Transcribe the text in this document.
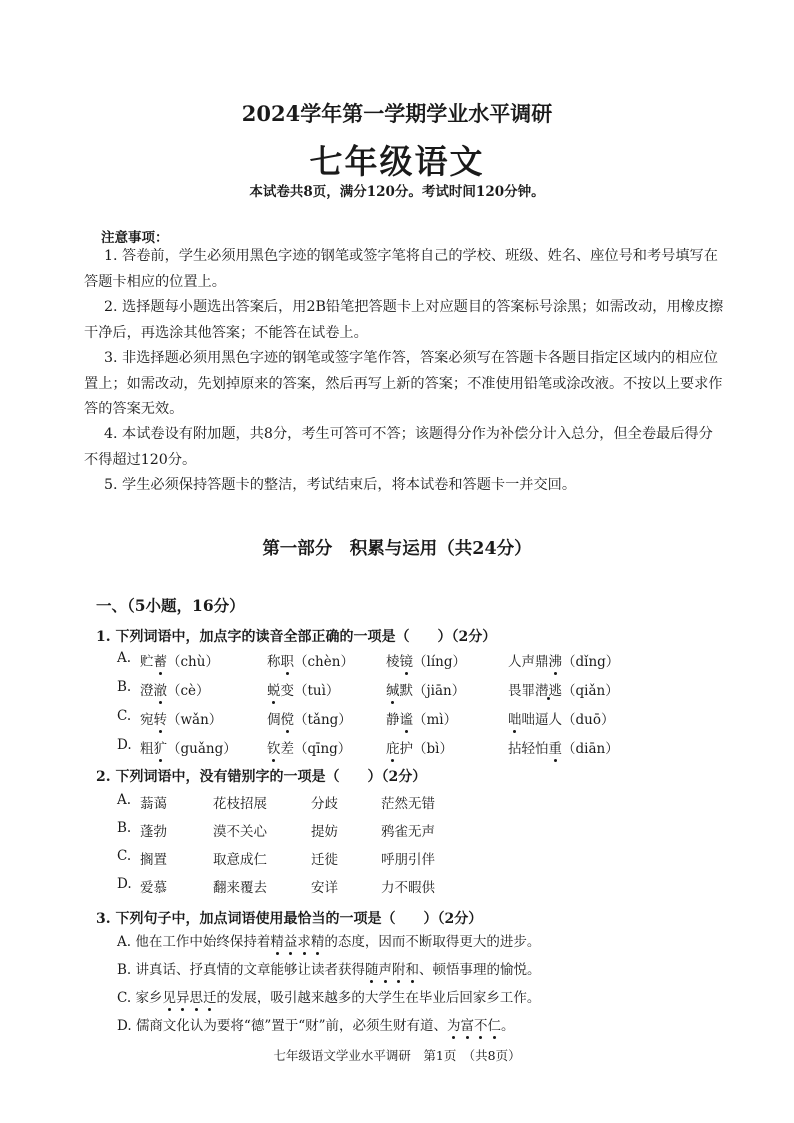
2024学年第一学期学业水平调研
七年级语文
本试卷共8页，满分120分。考试时间120分钟。
注意事项：
1. 答卷前，学生必须用黑色字迹的钢笔或签字笔将自己的学校、班级、姓名、座位号和考号填写在答题卡相应的位置上。
2. 选择题每小题选出答案后，用2B铅笔把答题卡上对应题目的答案标号涂黑；如需改动，用橡皮擦干净后，再选涂其他答案；不能答在试卷上。
3. 非选择题必须用黑色字迹的钢笔或签字笔作答，答案必须写在答题卡各题目指定区域内的相应位置上；如需改动，先划掉原来的答案，然后再写上新的答案；不准使用铅笔或涂改液。不按以上要求作答的答案无效。
4. 本试卷设有附加题，共8分，考生可答可不答；该题得分作为补偿分计入总分，但全卷最后得分不得超过120分。
5. 学生必须保持答题卡的整洁，考试结束后，将本试卷和答题卡一并交回。
第一部分　积累与运用（共24分）
一、（5小题，16分）
1. 下列词语中，加点字的读音全部正确的一项是（　　）（2分）
A. 贮蓄（chù）	称职（chèn） 棱镜（líng）	人声鼎沸（dǐng）
B. 澄澈（cè）	蜕变（tuì）	缄默（jiān）	畏罪潜逃（qiǎn）
C. 宛转（wǎn）	倜傥（tǎng）	静谧（mì）	咄咄逼人（duō）
D. 粗犷（guǎng） 钦差（qīng）	庇护（bì）	拈轻怕重（diān）
2. 下列词语中，没有错别字的一项是（　　）（2分）
A. 蓊蔼	花枝招展	分歧	茫然无错
B. 蓬勃	漠不关心	提妨	鸦雀无声
C. 搁置	取意成仁	迁徙	呼朋引伴
D. 爱慕	翻来覆去	安详	力不暇供
3. 下列句子中，加点词语使用最恰当的一项是（　　）（2分）
A. 他在工作中始终保持着精益求精的态度，因而不断取得更大的进步。
B. 讲真话、抒真情的文章能够让读者获得随声附和、顿悟事理的愉悦。
C. 家乡见异思迁的发展，吸引越来越多的大学生在毕业后回家乡工作。
D. 儒商文化认为要将“德”置于“财”前，必须生财有道、为富不仁。
七年级语文学业水平调研　第1页　（共8页）
